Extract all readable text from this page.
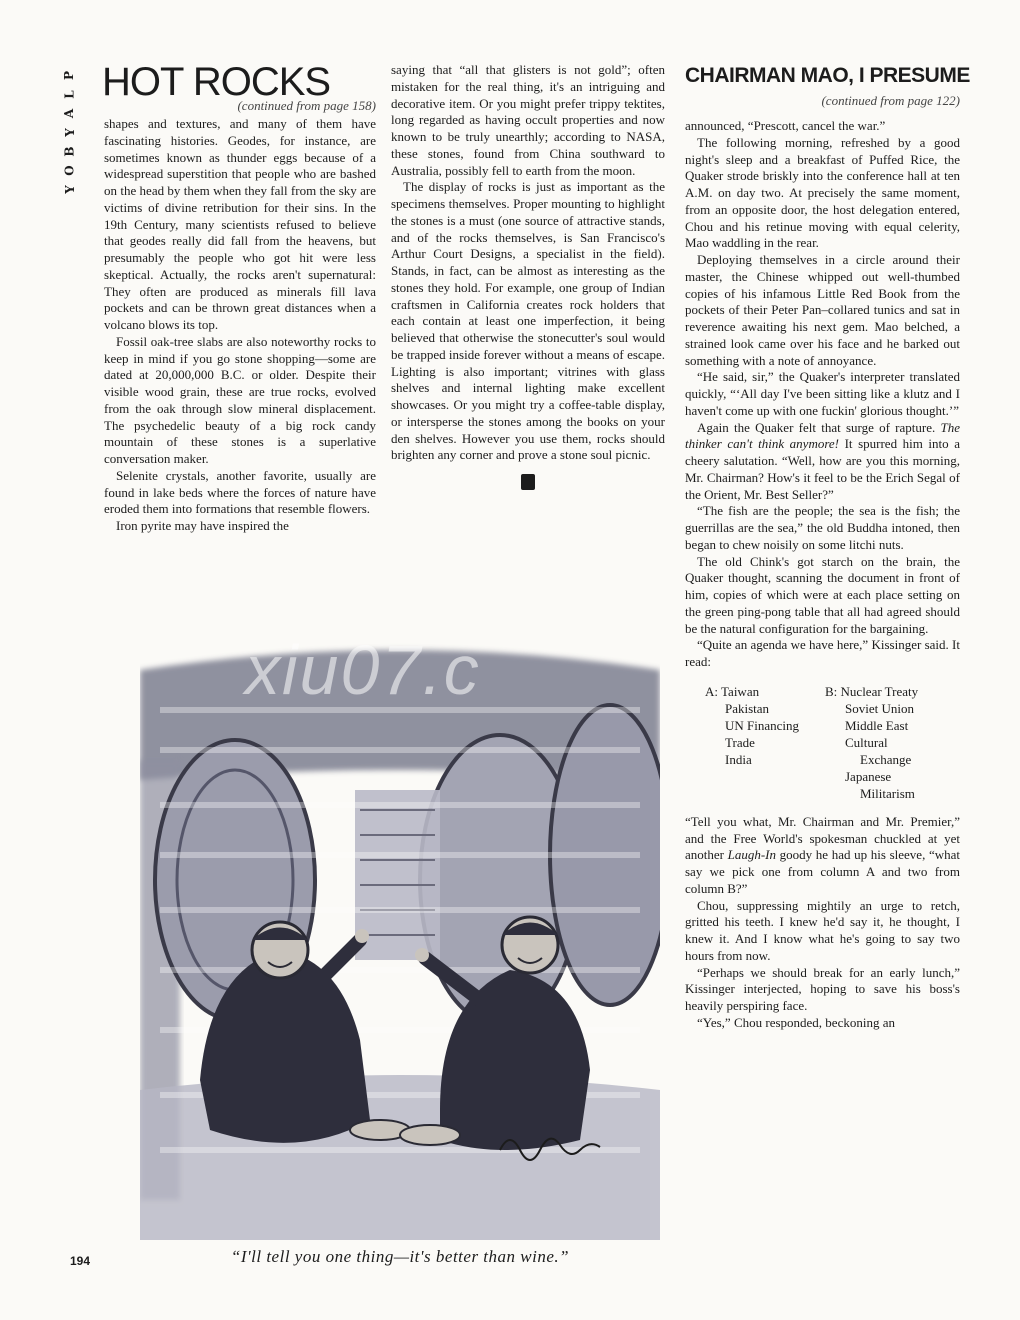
P
L
A
Y
B
O
Y
HOT ROCKS
(continued from page 158)

shapes and textures, and many of them have fascinating histories. Geodes, for instance, are sometimes known as thunder eggs because of a widespread superstition that people who are bashed on the head by them when they fall from the sky are victims of divine retribution for their sins. In the 19th Century, many scientists refused to believe that geodes really did fall from the heavens, but presumably the people who got hit were less skeptical. Actually, the rocks aren't supernatural: They often are produced as minerals fill lava pockets and can be thrown great distances when a volcano blows its top.

Fossil oak-tree slabs are also noteworthy rocks to keep in mind if you go stone shopping—some are dated at 20,000,000 B.C. or older. Despite their visible wood grain, these are true rocks, evolved from the oak through slow mineral displacement. The psychedelic beauty of a big rock candy mountain of these stones is a superlative conversation maker.

Selenite crystals, another favorite, usually are found in lake beds where the forces of nature have eroded them into formations that resemble flowers.

Iron pyrite may have inspired the

saying that “all that glisters is not gold”; often mistaken for the real thing, it's an intriguing and decorative item. Or you might prefer trippy tektites, long regarded as having occult properties and now known to be truly unearthly; according to NASA, these stones, found from China southward to Australia, possibly fell to earth from the moon.

The display of rocks is just as important as the specimens themselves. Proper mounting to highlight the stones is a must (one source of attractive stands, and of the rocks themselves, is San Francisco's Arthur Court Designs, a specialist in the field). Stands, in fact, can be almost as interesting as the stones they hold. For example, one group of Indian craftsmen in California creates rock holders that each contain at least one imperfection, it being believed that otherwise the stonecutter's soul would be trapped inside forever without a means of escape. Lighting is also important; vitrines with glass shelves and internal lighting make excellent showcases. Or you might try a coffee-table display, or intersperse the stones among the books on your den shelves. However you use them, rocks should brighten any corner and prove a stone soul picnic.

CHAIRMAN MAO, I PRESUME
(continued from page 122)

announced, “Prescott, cancel the war.”

The following morning, refreshed by a good night's sleep and a breakfast of Puffed Rice, the Quaker strode briskly into the conference hall at ten A.M. on day two. At precisely the same moment, from an opposite door, the host delegation entered, Chou and his retinue moving with equal celerity, Mao waddling in the rear.

Deploying themselves in a circle around their master, the Chinese whipped out well-thumbed copies of his infamous Little Red Book from the pockets of their Peter Pan–collared tunics and sat in reverence awaiting his next gem. Mao belched, a strained look came over his face and he barked out something with a note of annoyance.

“He said, sir,” the Quaker's interpreter translated quickly, “‘All day I've been sitting like a klutz and I haven't come up with one fuckin' glorious thought.’”

Again the Quaker felt that surge of rapture. The thinker can't think anymore! It spurred him into a cheery salutation. “Well, how are you this morning, Mr. Chairman? How's it feel to be the Erich Segal of the Orient, Mr. Best Seller?”

“The fish are the people; the sea is the fish; the guerrillas are the sea,” the old Buddha intoned, then began to chew noisily on some litchi nuts.

The old Chink's got starch on the brain, the Quaker thought, scanning the document in front of him, copies of which were at each place setting on the green ping-pong table that all had agreed should be the natural configuration for the bargaining.

“Quite an agenda we have here,” Kissinger said. It read:

A: Taiwan
Pakistan
UN Financing
Trade
India
B: Nuclear Treaty
Soviet Union
Middle East
Cultural
Exchange
Japanese
Militarism

“Tell you what, Mr. Chairman and Mr. Premier,” and the Free World's spokesman chuckled at yet another Laugh-In goody he had up his sleeve, “what say we pick one from column A and two from column B?”

Chou, suppressing mightily an urge to retch, gritted his teeth. I knew he'd say it, he thought, I knew it. And I know what he's going to say two hours from now.

“Perhaps we should break for an early lunch,” Kissinger interjected, hoping to save his boss's heavily perspiring face.

“Yes,” Chou responded, beckoning an

xiu07.c
“I'll tell you one thing—it's better than wine.”
194
